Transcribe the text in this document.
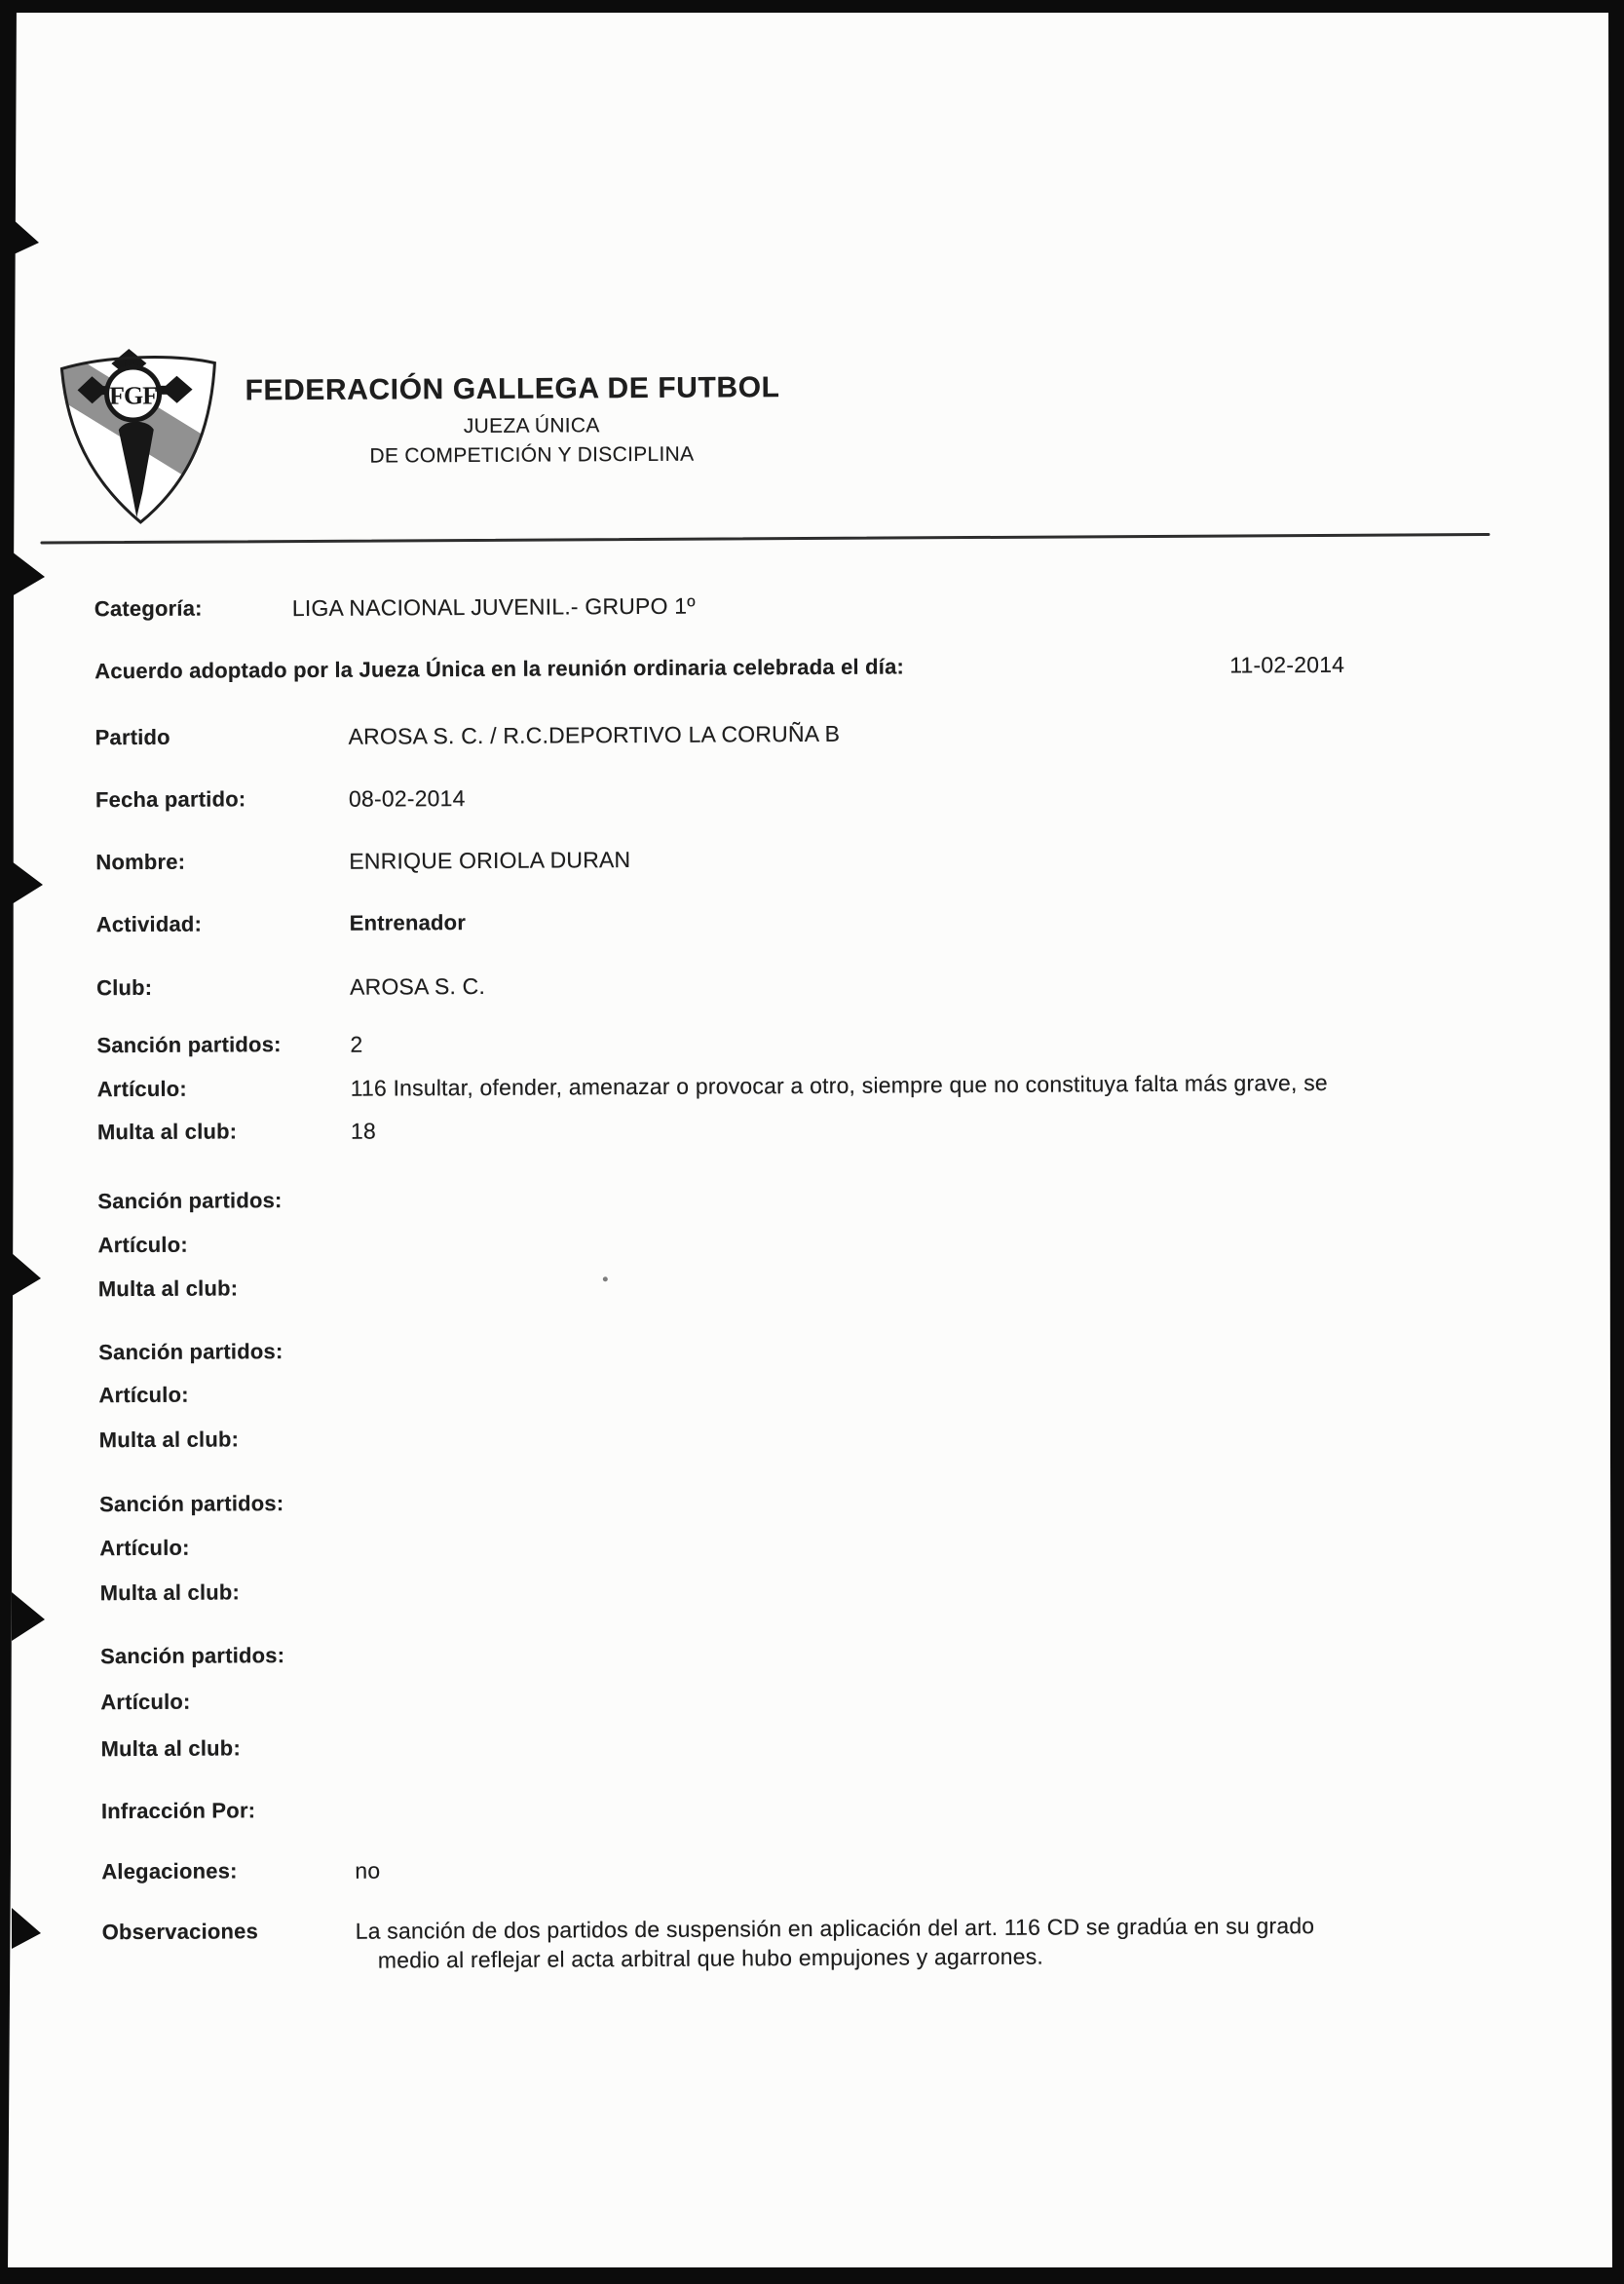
FGF	FEDERACIÓN GALLEGA DE FUTBOL
JUEZA ÚNICA
DE COMPETICIÓN Y DISCIPLINA
Categoría:	LIGA NACIONAL JUVENIL.- GRUPO 1º
Acuerdo adoptado por la Jueza Única en la reunión ordinaria celebrada el día:	11-02-2014
Partido	AROSA S. C. / R.C.DEPORTIVO LA CORUÑA B
Fecha partido:	08-02-2014
Nombre:	ENRIQUE ORIOLA DURAN
Actividad:	Entrenador
Club:	AROSA S. C.
Sanción partidos:	2
Artículo:	116 Insultar, ofender, amenazar o provocar a otro, siempre que no constituya falta más grave, se
Multa al club:	18
Sanción partidos:
Artículo:
Multa al club:
Sanción partidos:
Artículo:
Multa al club:
Sanción partidos:
Artículo:
Multa al club:
Sanción partidos:
Artículo:
Multa al club:
Infracción Por:
Alegaciones:	no
Observaciones	La sanción de dos partidos de suspensión en aplicación del art. 116 CD se gradúa en su grado
medio al reflejar el acta arbitral que hubo empujones y agarrones.
